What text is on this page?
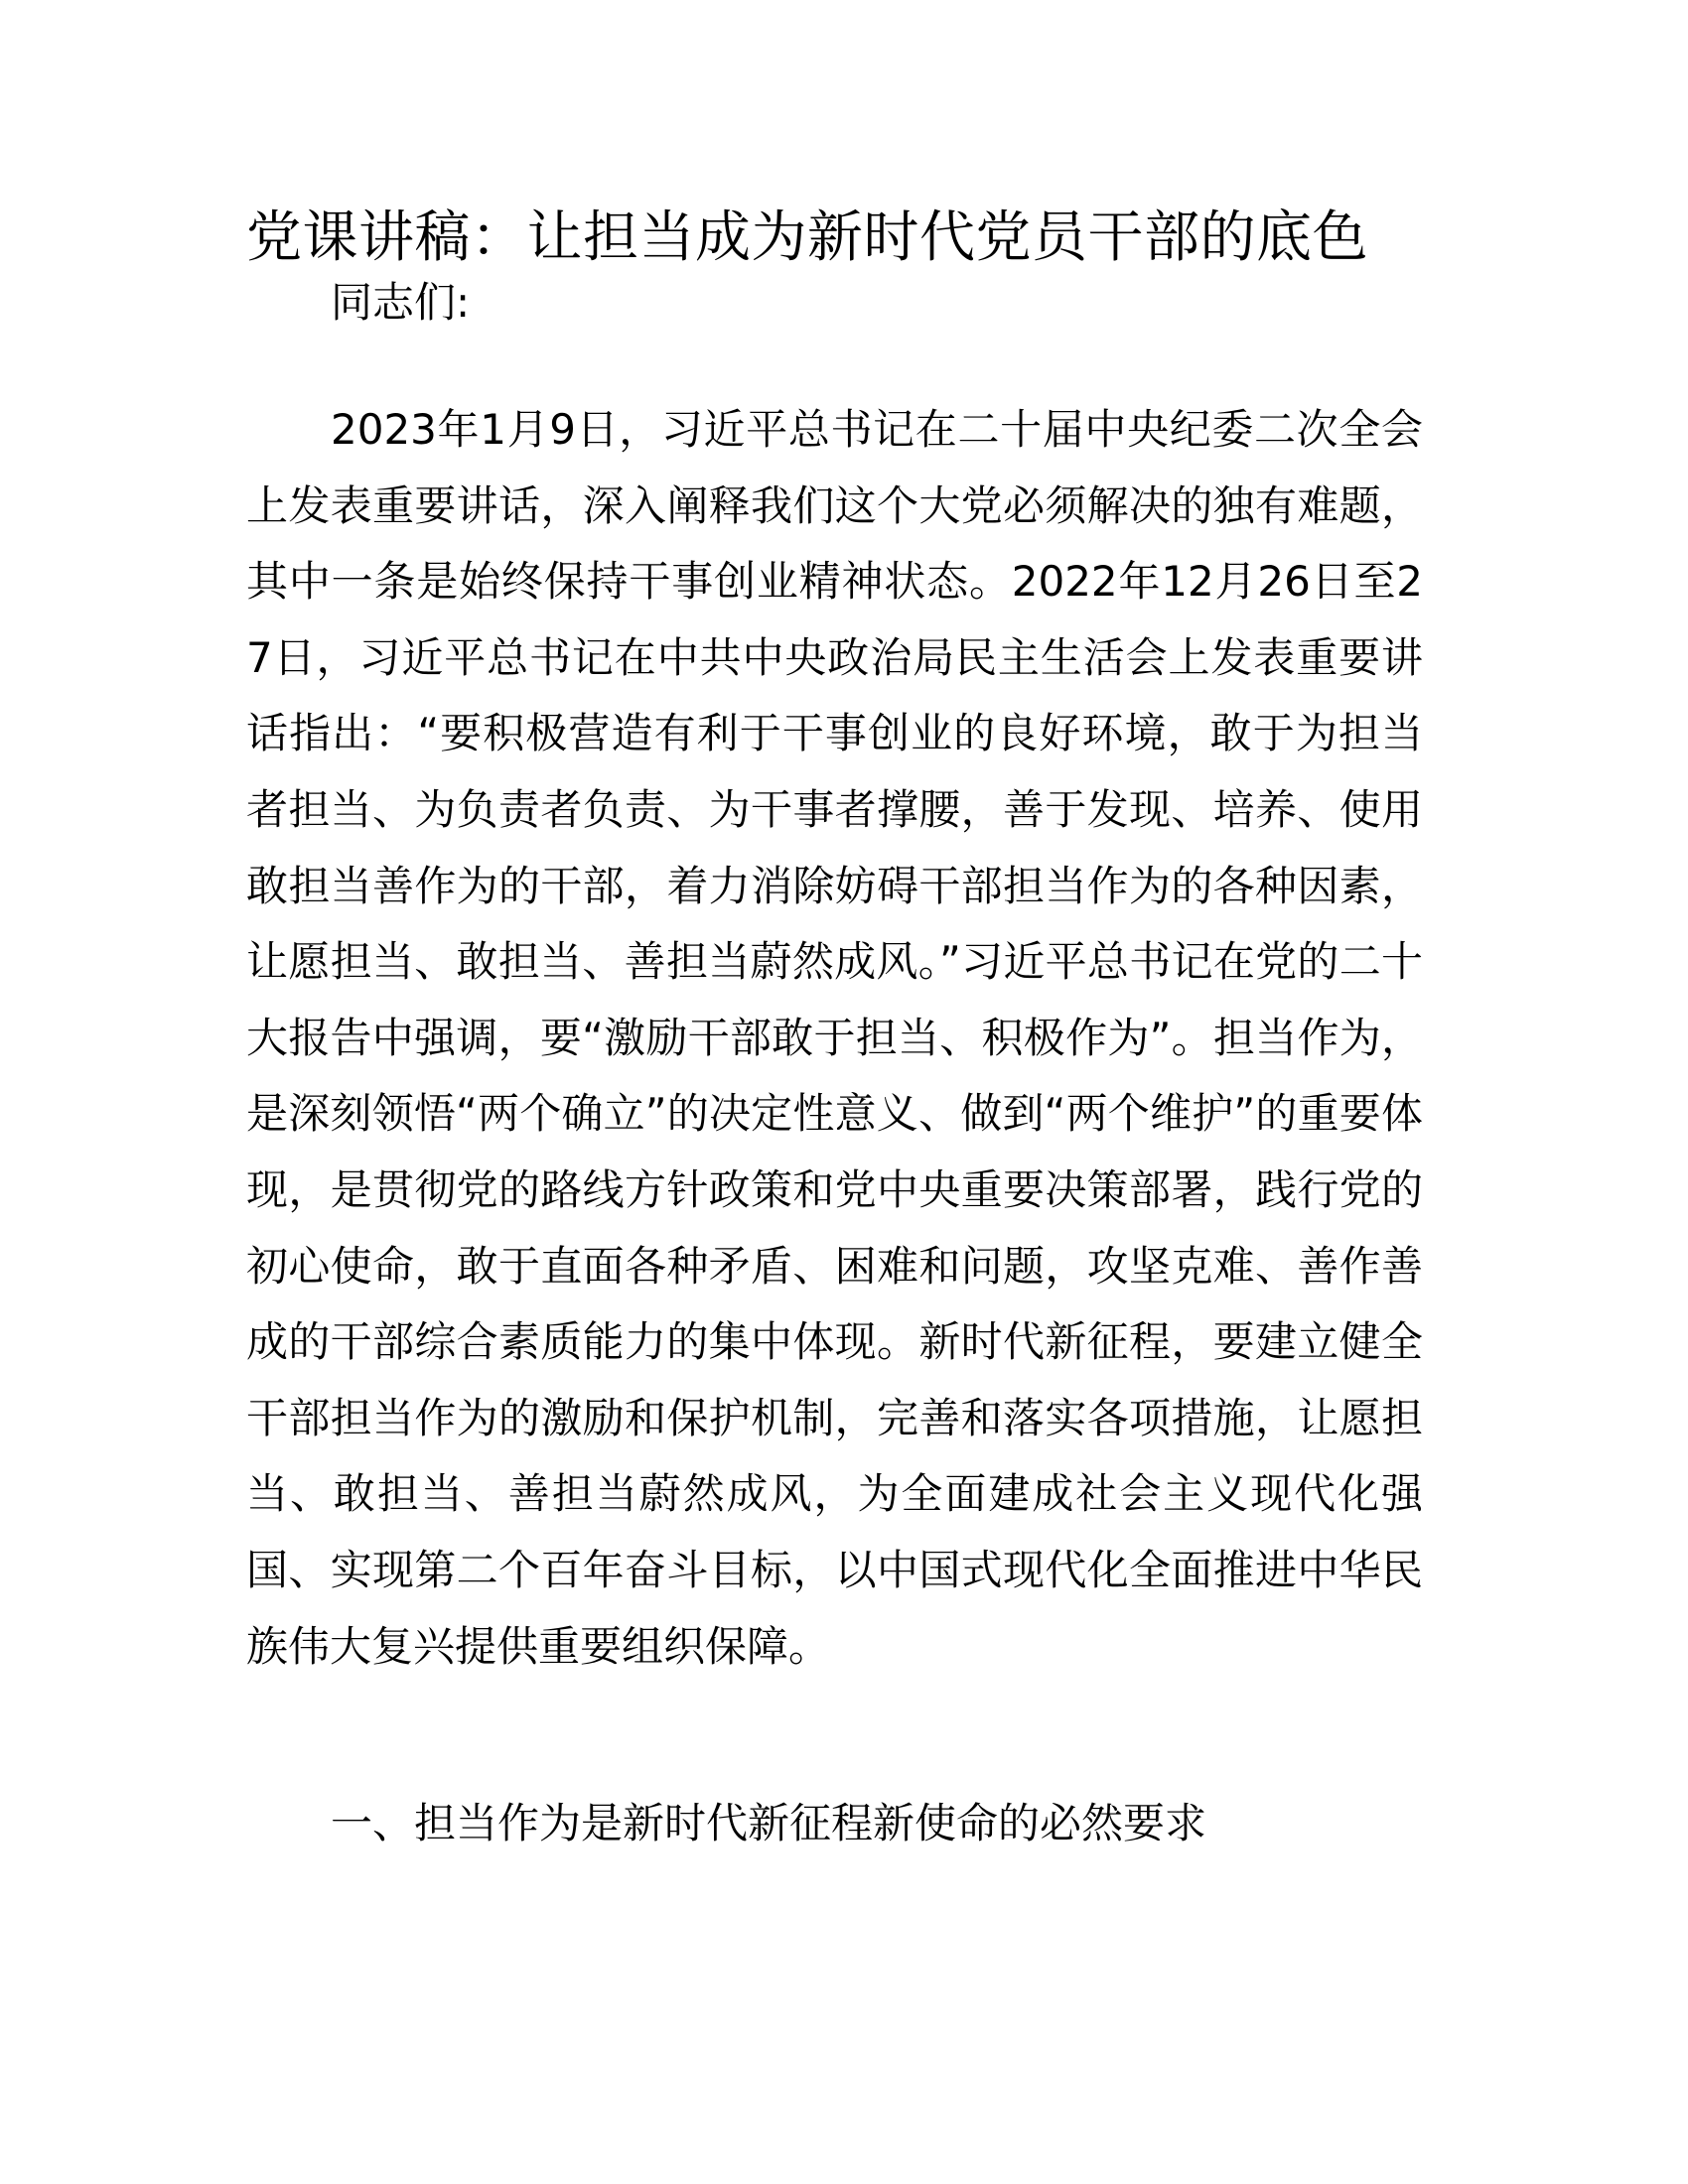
党课讲稿：让担当成为新时代党员干部的底色

同志们:

2023年1月9日，习近平总书记在二十届中央纪委二次全会上发表重要讲话，深入阐释我们这个大党必须解决的独有难题，其中一条是始终保持干事创业精神状态。2022年12月26日至27日，习近平总书记在中共中央政治局民主生活会上发表重要讲话指出：“要积极营造有利于干事创业的良好环境，敢于为担当者担当、为负责者负责、为干事者撑腰，善于发现、培养、使用敢担当善作为的干部，着力消除妨碍干部担当作为的各种因素，让愿担当、敢担当、善担当蔚然成风。”习近平总书记在党的二十大报告中强调，要“激励干部敢于担当、积极作为”。担当作为，是深刻领悟“两个确立”的决定性意义、做到“两个维护”的重要体现，是贯彻党的路线方针政策和党中央重要决策部署，践行党的初心使命，敢于直面各种矛盾、困难和问题，攻坚克难、善作善成的干部综合素质能力的集中体现。新时代新征程，要建立健全干部担当作为的激励和保护机制，完善和落实各项措施，让愿担当、敢担当、善担当蔚然成风，为全面建成社会主义现代化强国、实现第二个百年奋斗目标，以中国式现代化全面推进中华民族伟大复兴提供重要组织保障。

一、担当作为是新时代新征程新使命的必然要求
